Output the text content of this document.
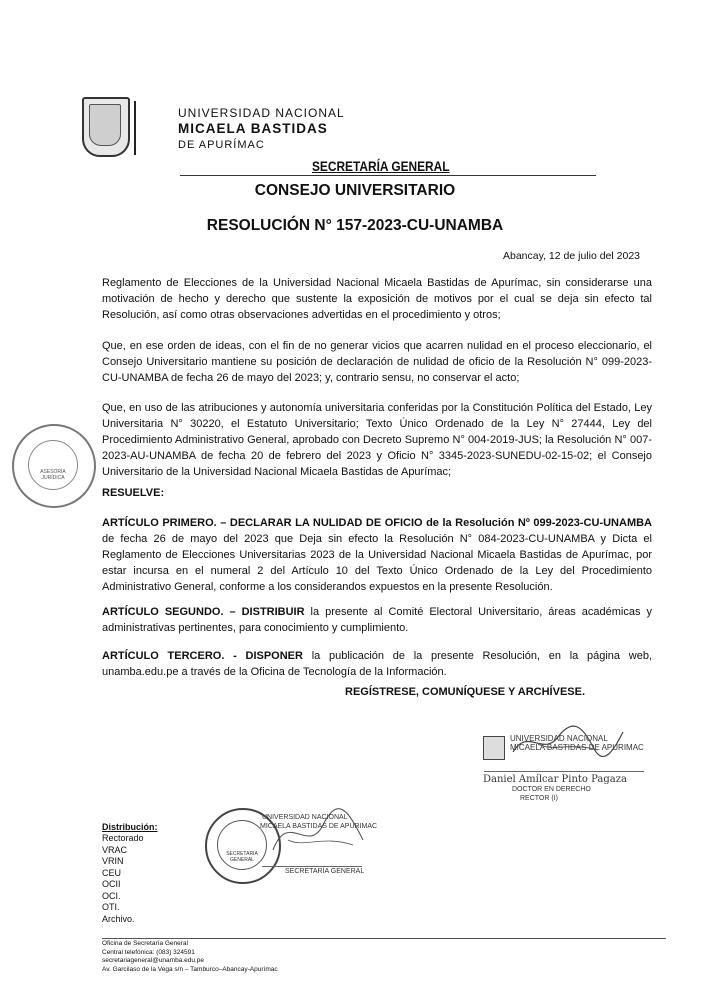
UNIVERSIDAD NACIONAL
MICAELA BASTIDAS
DE APURÍMAC
SECRETARÍA GENERAL
CONSEJO UNIVERSITARIO
RESOLUCIÓN N° 157-2023-CU-UNAMBA
Abancay, 12 de julio del 2023
Reglamento de Elecciones de la Universidad Nacional Micaela Bastidas de Apurímac, sin considerarse una motivación de hecho y derecho que sustente la exposición de motivos por el cual se deja sin efecto tal Resolución, así como otras observaciones advertidas en el procedimiento y otros;
Que, en ese orden de ideas, con el fin de no generar vicios que acarren nulidad en el proceso eleccionario, el Consejo Universitario mantiene su posición de declaración de nulidad de oficio de la Resolución N° 099-2023-CU-UNAMBA de fecha 26 de mayo del 2023; y, contrario sensu, no conservar el acto;
Que, en uso de las atribuciones y autonomía universitaria conferidas por la Constitución Política del Estado, Ley Universitaria N° 30220, el Estatuto Universitario; Texto Único Ordenado de la Ley N° 27444, Ley del Procedimiento Administrativo General, aprobado con Decreto Supremo N° 004-2019-JUS; la Resolución N° 007-2023-AU-UNAMBA de fecha 20 de febrero del 2023 y Oficio N° 3345-2023-SUNEDU-02-15-02; el Consejo Universitario de la Universidad Nacional Micaela Bastidas de Apurímac;
RESUELVE:
ARTÍCULO PRIMERO. – DECLARAR LA NULIDAD DE OFICIO de la Resolución Nº 099-2023-CU-UNAMBA de fecha 26 de mayo del 2023 que Deja sin efecto la Resolución N° 084-2023-CU-UNAMBA y Dicta el Reglamento de Elecciones Universitarias 2023 de la Universidad Nacional Micaela Bastidas de Apurímac, por estar incursa en el numeral 2 del Artículo 10 del Texto Único Ordenado de la Ley del Procedimiento Administrativo General, conforme a los considerandos expuestos en la presente Resolución.
ARTÍCULO SEGUNDO. – DISTRIBUIR la presente al Comité Electoral Universitario, áreas académicas y administrativas pertinentes, para conocimiento y cumplimiento.
ARTÍCULO TERCERO. - DISPONER la publicación de la presente Resolución, en la página web, unamba.edu.pe a través de la Oficina de Tecnología de la Información.
REGÍSTRESE, COMUNÍQUESE Y ARCHÍVESE.
UNIVERSIDAD NACIONAL
MICAELA BASTIDAS DE APURIMAC
Daniel Amílcar Pinto Pagaza
DOCTOR EN DERECHO
RECTOR (I)
Distribución:
Rectorado
VRAC
VRIN
CEU
OCII
OCI.
OTI.
Archivo.
SECRETARIA GENERAL
UNIVERSIDAD NACIONAL
MICAELA BASTIDAS DE APURIMAC
SECRETARÍA GENERAL
ASESORÍA JURÍDICA
Oficina de Secretaría General
Central telefónica: (083) 324591
secretariageneral@unamba.edu.pe
Av. Garcilaso de la Vega s/n – Tamburco–Abancay-Apurímac
